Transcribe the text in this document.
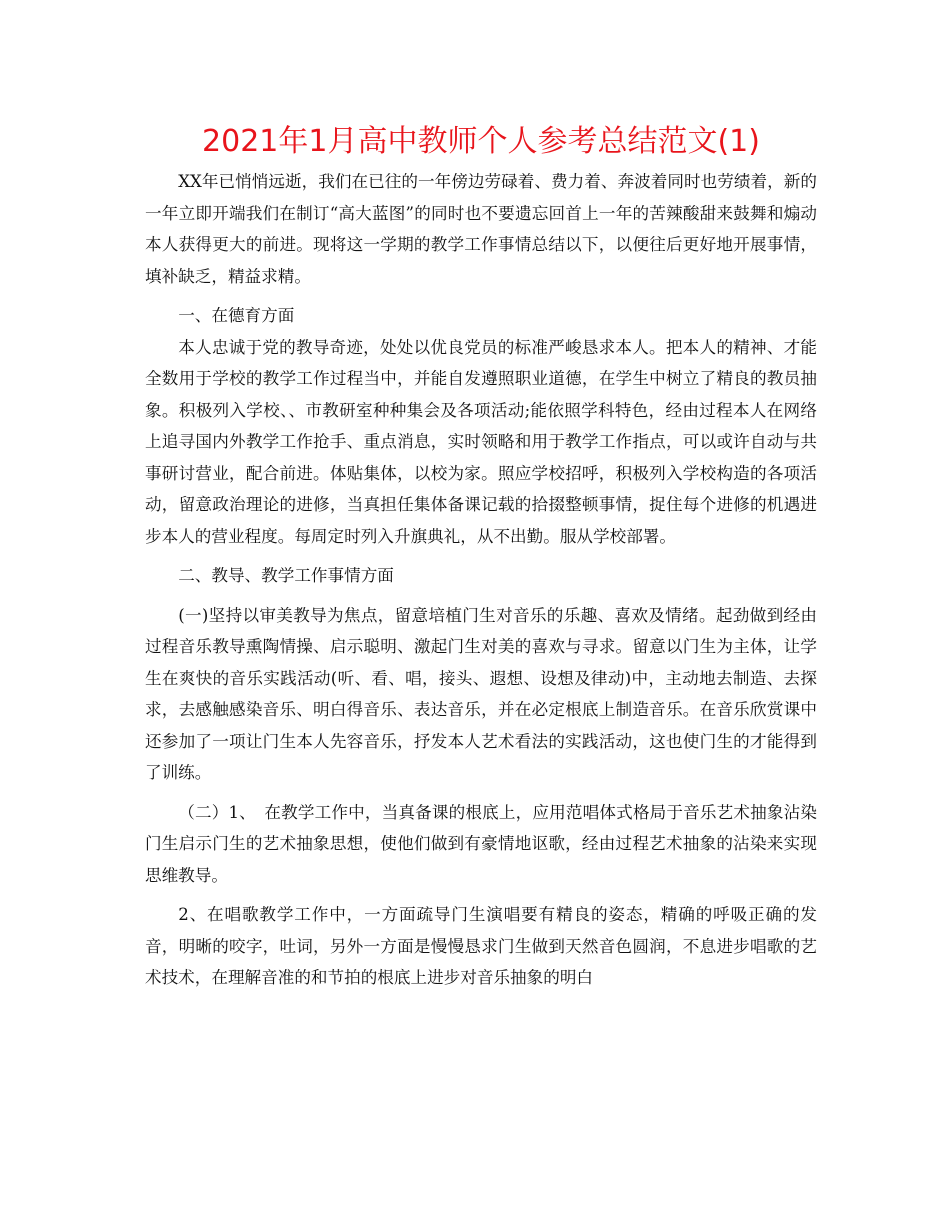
2021年1月高中教师个人参考总结范文(1)

XX年已悄悄远逝，我们在已往的一年傍边劳碌着、费力着、奔波着同时也劳绩着，新的一年立即开端我们在制订“高大蓝图”的同时也不要遗忘回首上一年的苦辣酸甜来鼓舞和煽动本人获得更大的前进。现将这一学期的教学工作事情总结以下，以便往后更好地开展事情，填补缺乏，精益求精。

一、在德育方面

本人忠诚于党的教导奇迹，处处以优良党员的标准严峻恳求本人。把本人的精神、才能全数用于学校的教学工作过程当中，并能自发遵照职业道德，在学生中树立了精良的教员抽象。积极列入学校、、市教研室种种集会及各项活动;能依照学科特色，经由过程本人在网络上追寻国内外教学工作抢手、重点消息，实时领略和用于教学工作指点，可以或许自动与共事研讨营业，配合前进。体贴集体，以校为家。照应学校招呼，积极列入学校构造的各项活动，留意政治理论的进修，当真担任集体备课记载的拾掇整顿事情，捉住每个进修的机遇进步本人的营业程度。每周定时列入升旗典礼，从不出勤。服从学校部署。

二、教导、教学工作事情方面

(一)坚持以审美教导为焦点，留意培植门生对音乐的乐趣、喜欢及情绪。起劲做到经由过程音乐教导熏陶情操、启示聪明、激起门生对美的喜欢与寻求。留意以门生为主体，让学生在爽快的音乐实践活动(听、看、唱，接头、遐想、设想及律动)中，主动地去制造、去探求，去感触感染音乐、明白得音乐、表达音乐，并在必定根底上制造音乐。在音乐欣赏课中还参加了一项让门生本人先容音乐，抒发本人艺术看法的实践活动，这也使门生的才能得到了训练。

（二）1、　在教学工作中，当真备课的根底上，应用范唱体式格局于音乐艺术抽象沾染门生启示门生的艺术抽象思想，使他们做到有豪情地讴歌，经由过程艺术抽象的沾染来实现思维教导。

2、在唱歌教学工作中，一方面疏导门生演唱要有精良的姿态，精确的呼吸正确的发音，明晰的咬字，吐词，另外一方面是慢慢恳求门生做到天然音色圆润，不息进步唱歌的艺术技术，在理解音准的和节拍的根底上进步对音乐抽象的明白
